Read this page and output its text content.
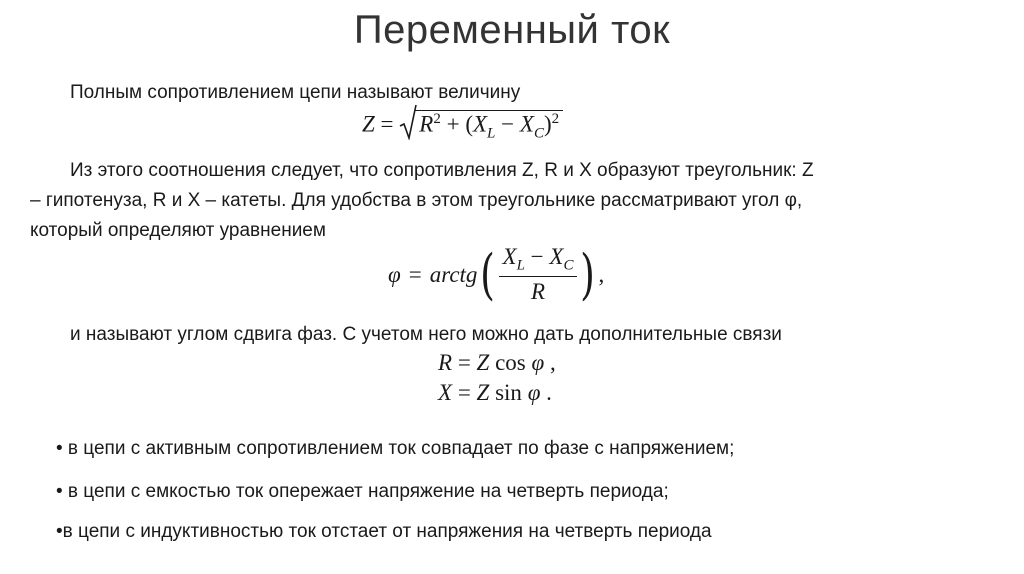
Переменный ток
Полным сопротивлением цепи называют величину
$Z = R^2 + (X_L - X_C)^2$
Из этого соотношения следует, что сопротивления Z, R и X образуют треугольник: Z
– гипотенуза, R и X – катеты. Для удобства в этом треугольнике рассматривают угол φ,
который определяют уравнением
φ = arctg ( $\frac{X_L - X_C}{R}$ ) ,
и называют углом сдвига фаз. С учетом него можно дать дополнительные связи
R = Z cos φ ,
X = Z sin φ .
• в цепи с активным сопротивлением ток совпадает по фазе с напряжением;
• в цепи с емкостью ток опережает напряжение на четверть периода;
•в цепи с индуктивностью ток отстает от напряжения на четверть периода
